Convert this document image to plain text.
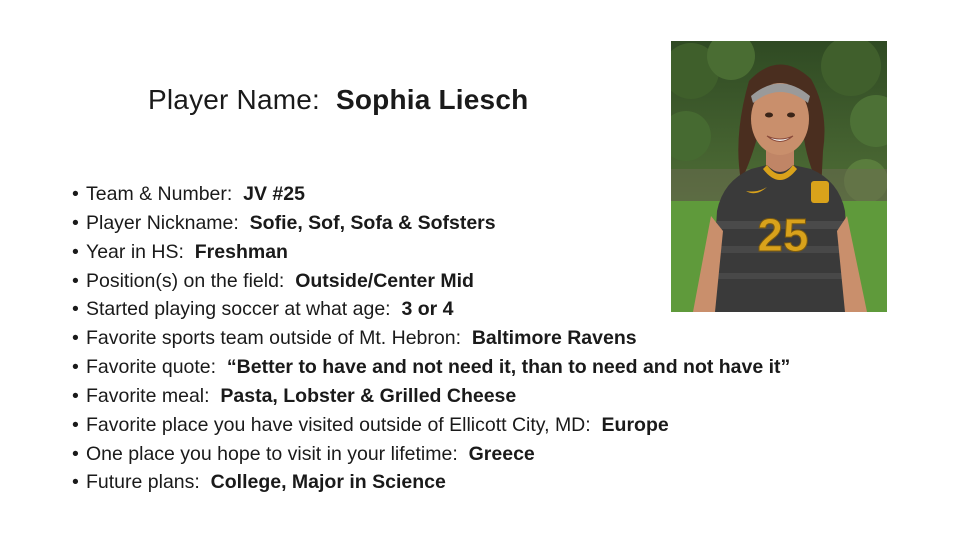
Player Name: Sophia Liesch
25
• Team & Number: JV #25
• Player Nickname: Sofie, Sof, Sofa & Sofsters
• Year in HS: Freshman
• Position(s) on the field: Outside/Center Mid
• Started playing soccer at what age: 3 or 4
• Favorite sports team outside of Mt. Hebron: Baltimore Ravens
• Favorite quote: “Better to have and not need it, than to need and not have it”
• Favorite meal: Pasta, Lobster & Grilled Cheese
• Favorite place you have visited outside of Ellicott City, MD: Europe
• One place you hope to visit in your lifetime: Greece
• Future plans: College, Major in Science
